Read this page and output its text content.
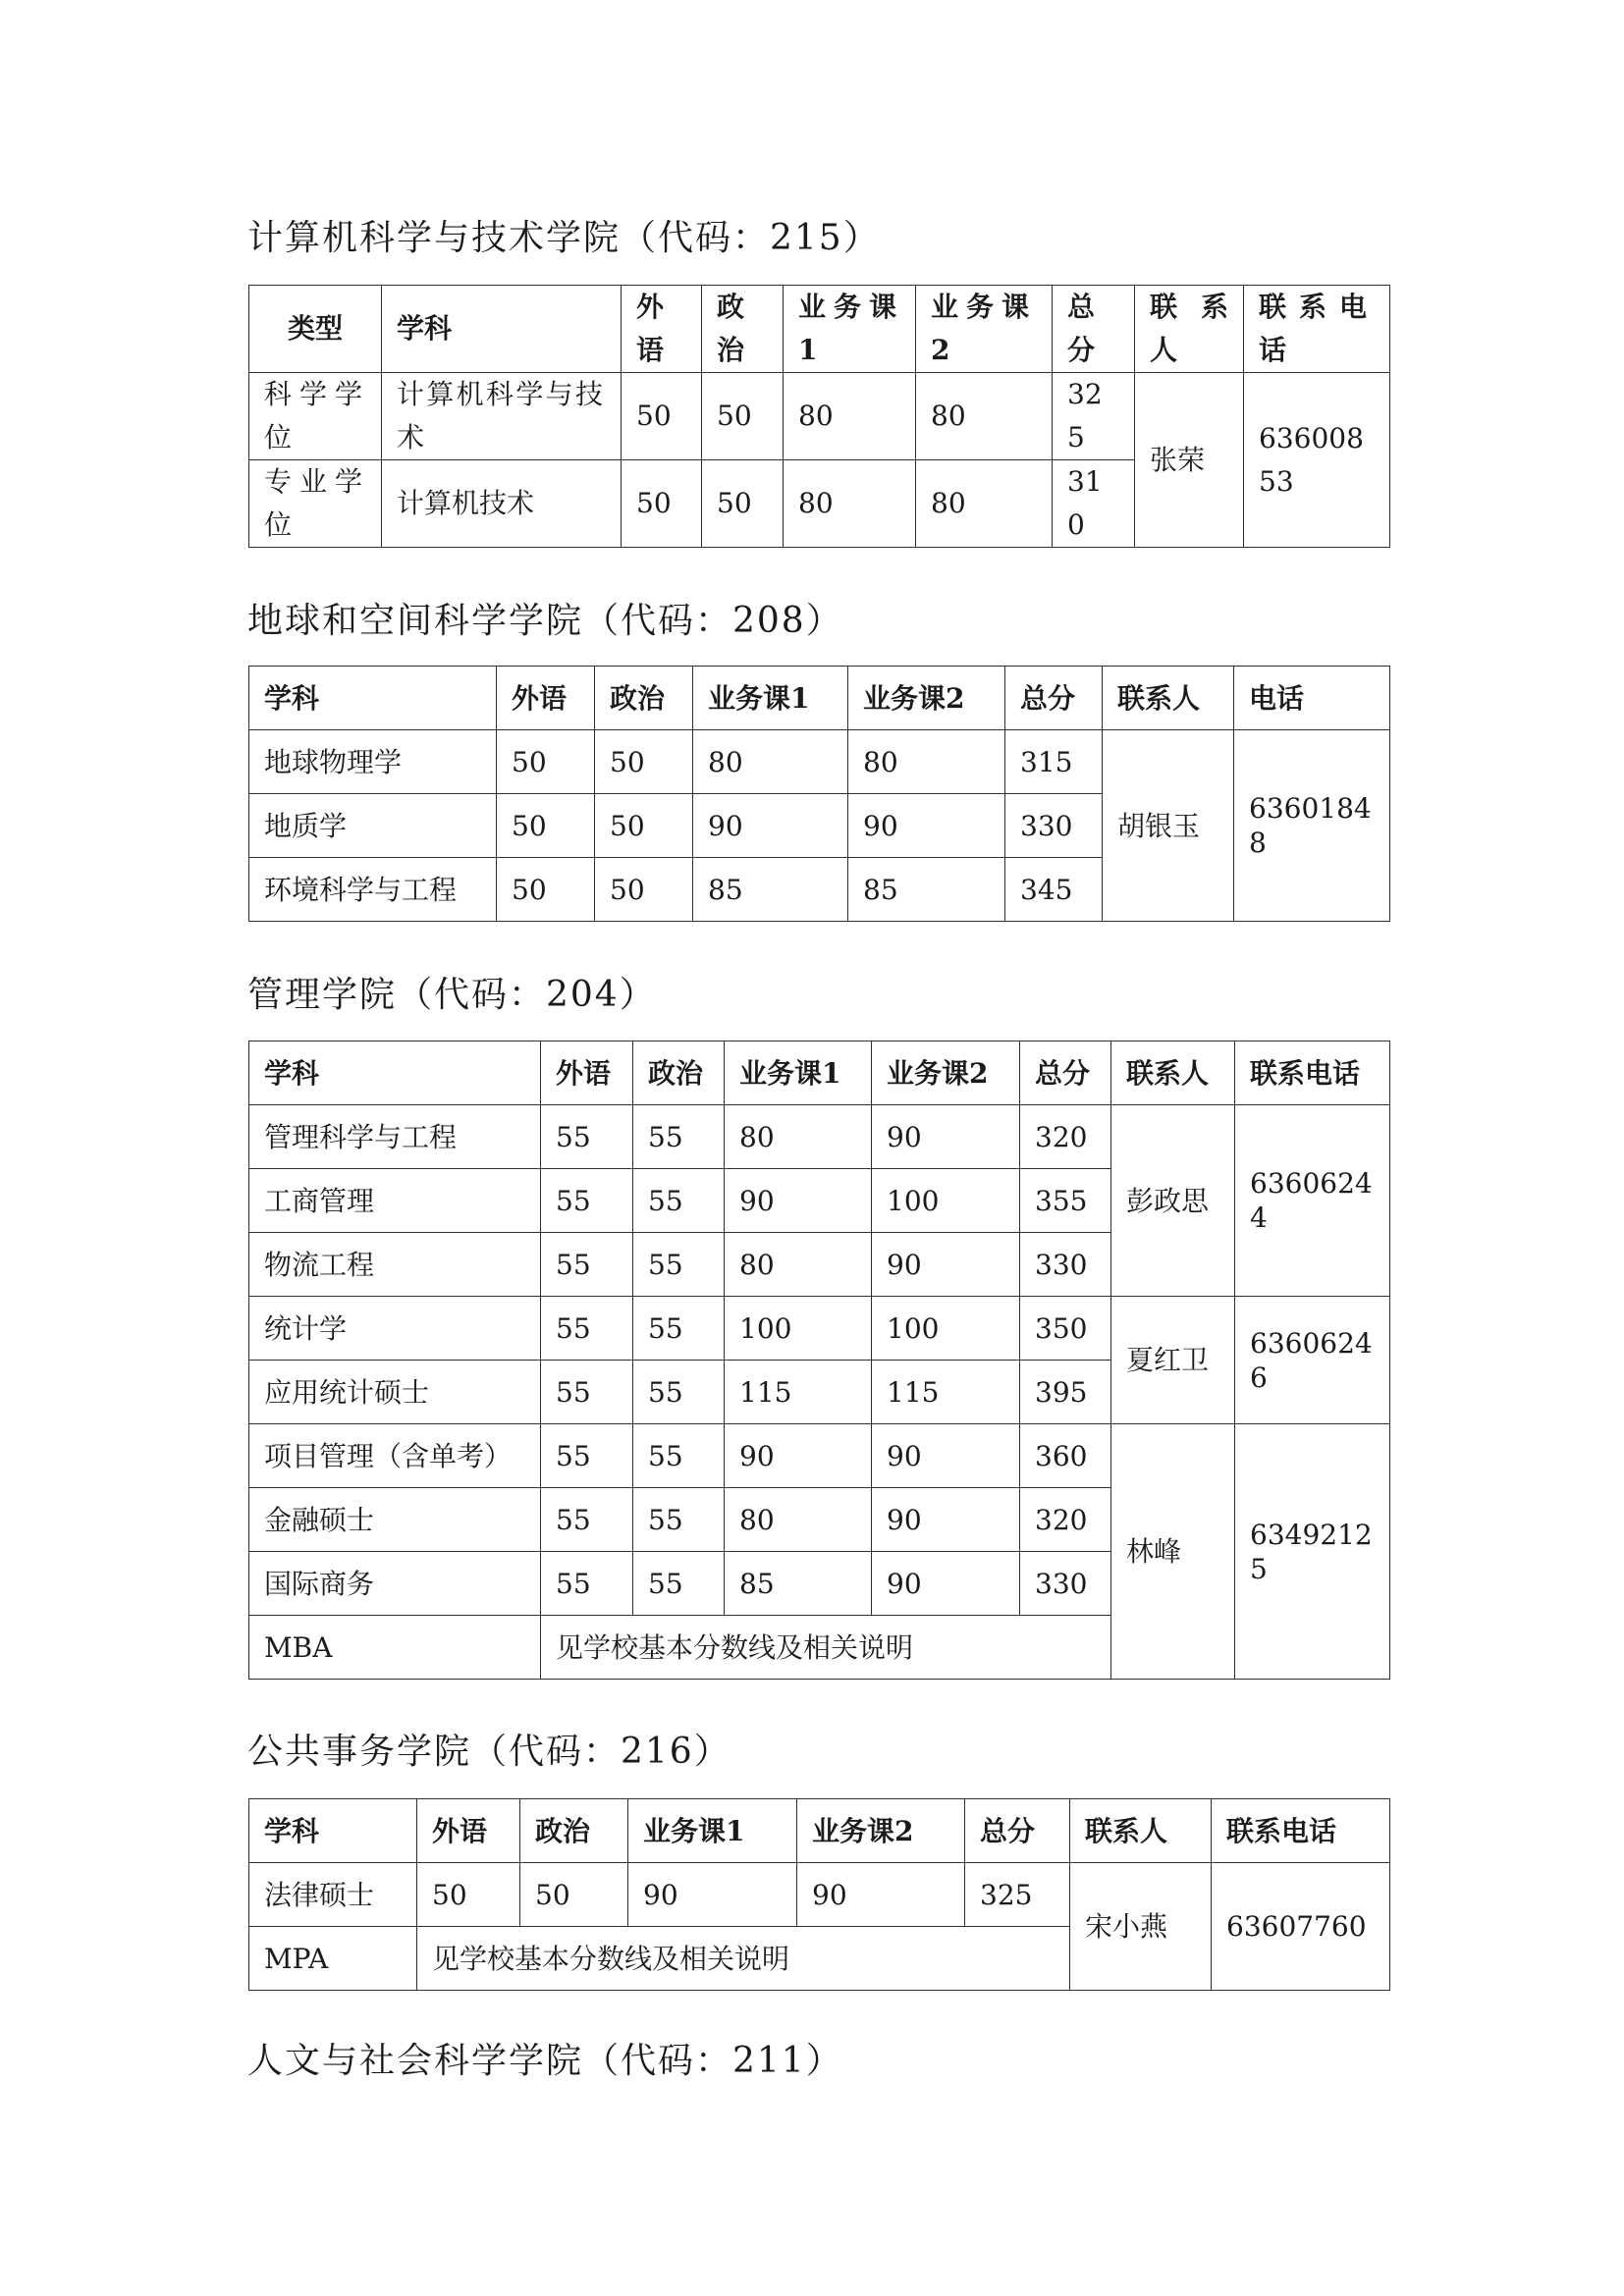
计算机科学与技术学院（代码：215）
类型	学科	外语	政治	业务课1	业务课2	总分	联系人	联系电话

科学学位	计算机科学与技术	50	50	80	80	325	张荣	63600853

专业学位	计算机技术	50	50	80	80	310		
地球和空间科学学院（代码：208）
学科	外语	政治	业务课1	业务课2	总分	联系人	电话
地球物理学	50	50	80	80	315	胡银玉	63601848
地质学	50	50	90	90	330		
环境科学与工程	50	50	85	85	345		
管理学院（代码：204）
学科	外语	政治	业务课1	业务课2	总分	联系人	联系电话
管理科学与工程	55	55	80	90	320	彭政思	63606244
工商管理	55	55	90	100	355		
物流工程	55	55	80	90	330		
统计学	55	55	100	100	350	夏红卫	63606246
应用统计硕士	55	55	115	115	395		
项目管理（含单考）	55	55	90	90	360	林峰	63492125
金融硕士	55	55	80	90	320		
国际商务	55	55	85	90	330		
MBA	见学校基本分数线及相关说明						
公共事务学院（代码：216）
学科	外语	政治	业务课1	业务课2	总分	联系人	联系电话
法律硕士	50	50	90	90	325	宋小燕	63607760
MPA	见学校基本分数线及相关说明						
人文与社会科学学院（代码：211）
